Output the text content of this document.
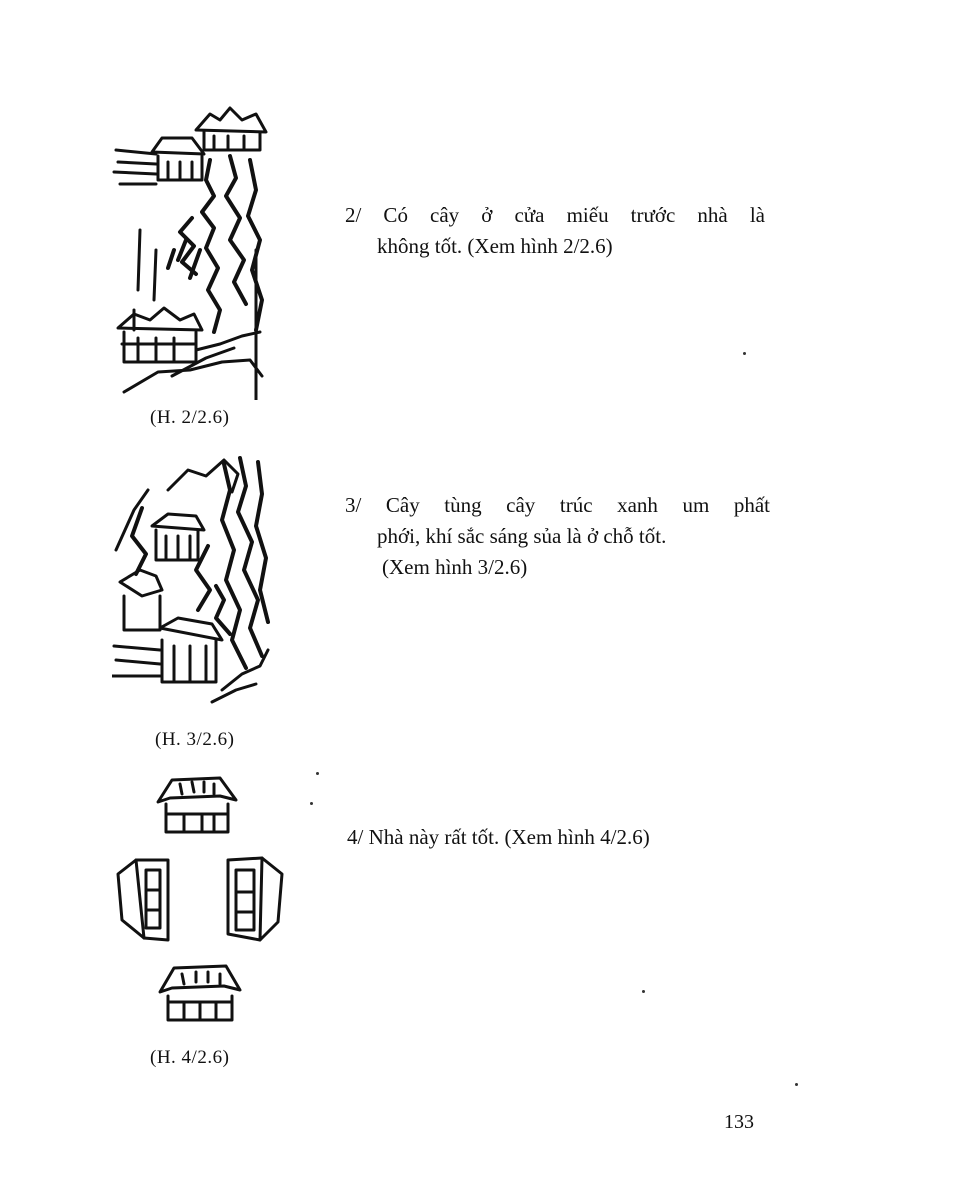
(H. 2/2.6)
2/ Có cây ở cửa miếu trước nhà là
không tốt. (Xem hình 2/2.6)
(H. 3/2.6)
3/ Cây tùng cây trúc xanh um phất
phới, khí sắc sáng sủa là ở chỗ tốt.
(Xem hình 3/2.6)
(H. 4/2.6)
4/ Nhà này rất tốt. (Xem hình 4/2.6)
133
